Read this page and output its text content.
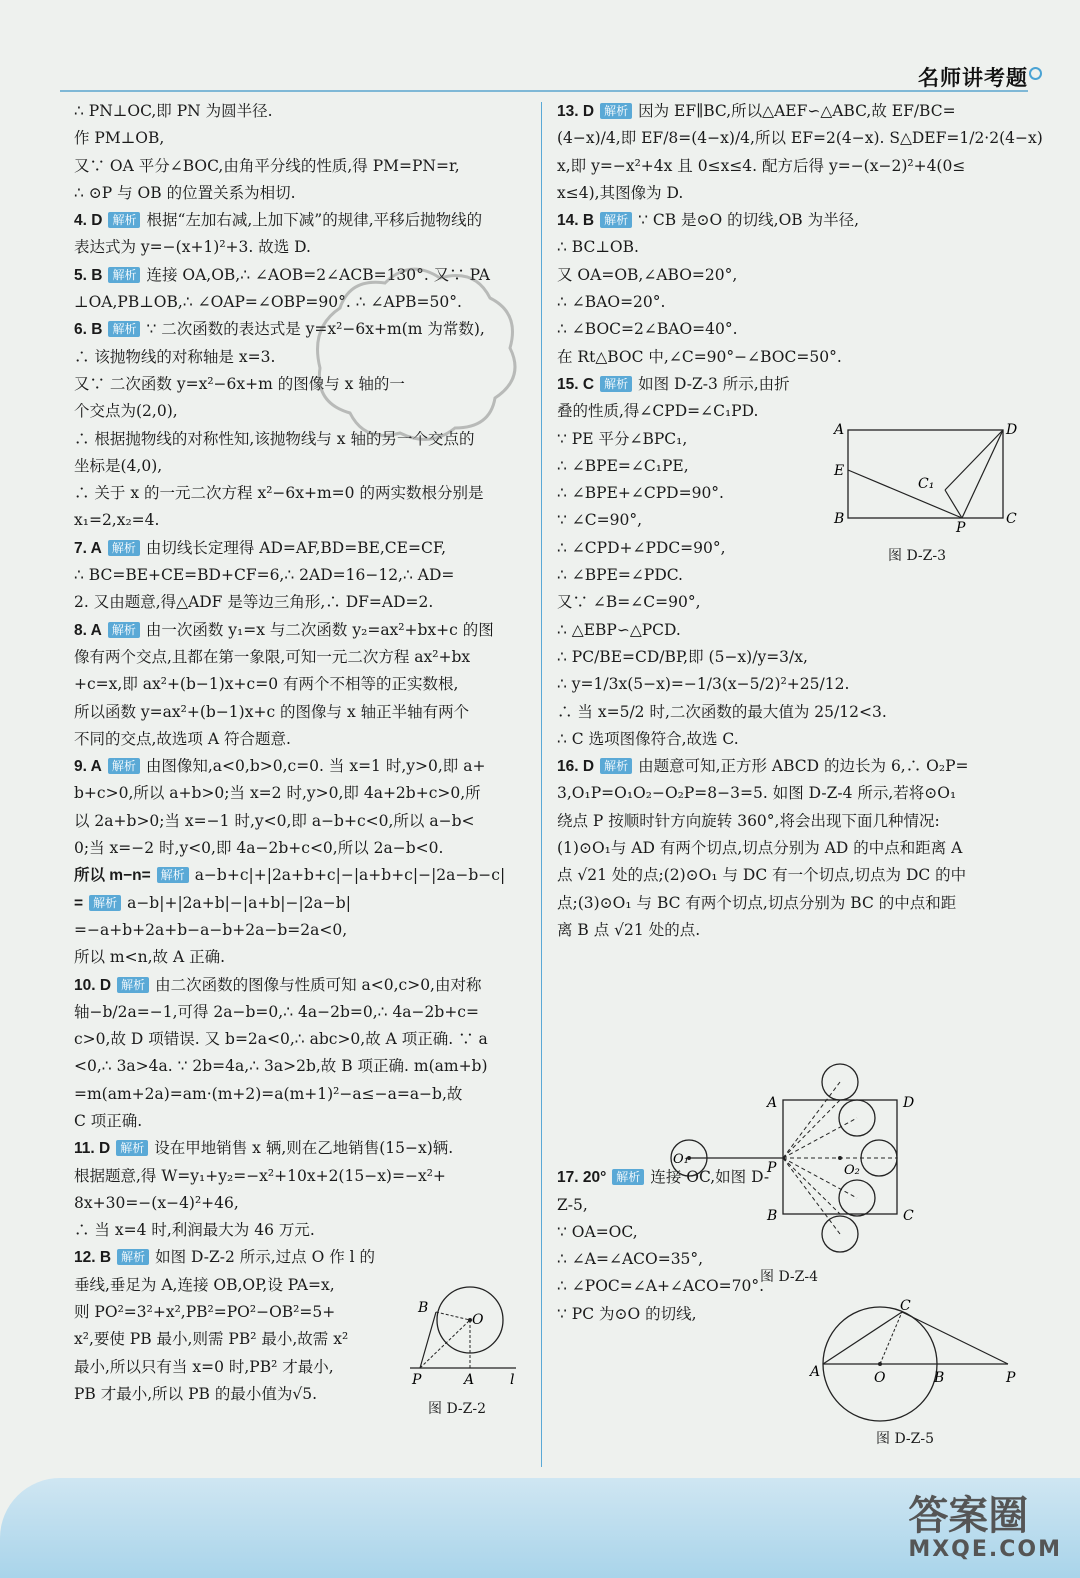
名师讲考题
∴ PN⊥OC,即 PN 为圆半径.
作 PM⊥OB,
又∵ OA 平分∠BOC,由角平分线的性质,得 PM=PN=r,
∴ ⊙P 与 OB 的位置关系为相切.
4. D 解析 根据“左加右减,上加下减”的规律,平移后抛物线的
表达式为 y=−(x+1)²+3. 故选 D.
5. B 解析 连接 OA,OB,∴ ∠AOB=2∠ACB=130°. 又∵ PA
⊥OA,PB⊥OB,∴ ∠OAP=∠OBP=90°. ∴ ∠APB=50°.
6. B 解析 ∵ 二次函数的表达式是 y=x²−6x+m(m 为常数),
∴ 该抛物线的对称轴是 x=3.
又∵ 二次函数 y=x²−6x+m 的图像与 x 轴的一
个交点为(2,0),
∴ 根据抛物线的对称性知,该抛物线与 x 轴的另一个交点的
坐标是(4,0),
∴ 关于 x 的一元二次方程 x²−6x+m=0 的两实数根分别是
x₁=2,x₂=4.
7. A 解析 由切线长定理得 AD=AF,BD=BE,CE=CF,
∴ BC=BE+CE=BD+CF=6,∴ 2AD=16−12,∴ AD=
2. 又由题意,得△ADF 是等边三角形,∴ DF=AD=2.
8. A 解析 由一次函数 y₁=x 与二次函数 y₂=ax²+bx+c 的图
像有两个交点,且都在第一象限,可知一元二次方程 ax²+bx
+c=x,即 ax²+(b−1)x+c=0 有两个不相等的正实数根,
所以函数 y=ax²+(b−1)x+c 的图像与 x 轴正半轴有两个
不同的交点,故选项 A 符合题意.
9. A 解析 由图像知,a<0,b>0,c=0. 当 x=1 时,y>0,即 a+
b+c>0,所以 a+b>0;当 x=2 时,y>0,即 4a+2b+c>0,所
以 2a+b>0;当 x=−1 时,y<0,即 a−b+c<0,所以 a−b<
0;当 x=−2 时,y<0,即 4a−2b+c<0,所以 2a−b<0.
所以 m−n= 解析 a−b+c|+|2a+b+c|−|a+b+c|−|2a−b−c|
= 解析 a−b|+|2a+b|−|a+b|−|2a−b|
=−a+b+2a+b−a−b+2a−b=2a<0,
所以 m<n,故 A 正确.
10. D 解析 由二次函数的图像与性质可知 a<0,c>0,由对称
轴−b/2a=−1,可得 2a−b=0,∴ 4a−2b=0,∴ 4a−2b+c=
c>0,故 D 项错误. 又 b=2a<0,∴ abc>0,故 A 项正确. ∵ a
<0,∴ 3a>4a. ∵ 2b=4a,∴ 3a>2b,故 B 项正确. m(am+b)
=m(am+2a)=am·(m+2)=a(m+1)²−a≤−a=a−b,故
C 项正确.
11. D 解析 设在甲地销售 x 辆,则在乙地销售(15−x)辆.
根据题意,得 W=y₁+y₂=−x²+10x+2(15−x)=−x²+
8x+30=−(x−4)²+46,
∴ 当 x=4 时,利润最大为 46 万元.
12. B 解析 如图 D-Z-2 所示,过点 O 作 l 的
垂线,垂足为 A,连接 OB,OP,设 PA=x,
则 PO²=3²+x²,PB²=PO²−OB²=5+
x²,要使 PB 最小,则需 PB² 最小,故需 x²
最小,所以只有当 x=0 时,PB² 才最小,
PB 才最小,所以 PB 的最小值为√5.
13. D 解析 因为 EF∥BC,所以△AEF∽△ABC,故 EF/BC=
(4−x)/4,即 EF/8=(4−x)/4,所以 EF=2(4−x). S△DEF=1/2·2(4−x)
x,即 y=−x²+4x 且 0≤x≤4. 配方后得 y=−(x−2)²+4(0≤
x≤4),其图像为 D.
14. B 解析 ∵ CB 是⊙O 的切线,OB 为半径,
∴ BC⊥OB.
又 OA=OB,∠ABO=20°,
∴ ∠BAO=20°.
∴ ∠BOC=2∠BAO=40°.
在 Rt△BOC 中,∠C=90°−∠BOC=50°.
15. C 解析 如图 D-Z-3 所示,由折
叠的性质,得∠CPD=∠C₁PD.
∵ PE 平分∠BPC₁,
∴ ∠BPE=∠C₁PE,
∴ ∠BPE+∠CPD=90°.
∵ ∠C=90°,
∴ ∠CPD+∠PDC=90°,
∴ ∠BPE=∠PDC.
又∵ ∠B=∠C=90°,
∴ △EBP∽△PCD.
∴ PC/BE=CD/BP,即 (5−x)/y=3/x,
∴ y=1/3x(5−x)=−1/3(x−5/2)²+25/12.
∴ 当 x=5/2 时,二次函数的最大值为 25/12<3.
∴ C 选项图像符合,故选 C.
16. D 解析 由题意可知,正方形 ABCD 的边长为 6,∴ O₂P=
3,O₁P=O₁O₂−O₂P=8−3=5. 如图 D-Z-4 所示,若将⊙O₁
绕点 P 按顺时针方向旋转 360°,将会出现下面几种情况:
(1)⊙O₁与 AD 有两个切点,切点分别为 AD 的中点和距离 A
点 √21 处的点;(2)⊙O₁ 与 DC 有一个切点,切点为 DC 的中
点;(3)⊙O₁ 与 BC 有两个切点,切点分别为 BC 的中点和距
离 B 点 √21 处的点.
17. 20° 解析 连接 OC,如图 D-
Z-5,
∵ OA=OC,
∴ ∠A=∠ACO=35°,
∴ ∠POC=∠A+∠ACO=70°.
∵ PC 为⊙O 的切线,
B
O
P	A	l
图 D-Z-2
A	D
E
C₁
B
P
C
图 D-Z-3
A	D
O₁
P	O₂
B	C
图 D-Z-4
C
A	O	B	P
图 D-Z-5
答案圈
MXQE.COM
